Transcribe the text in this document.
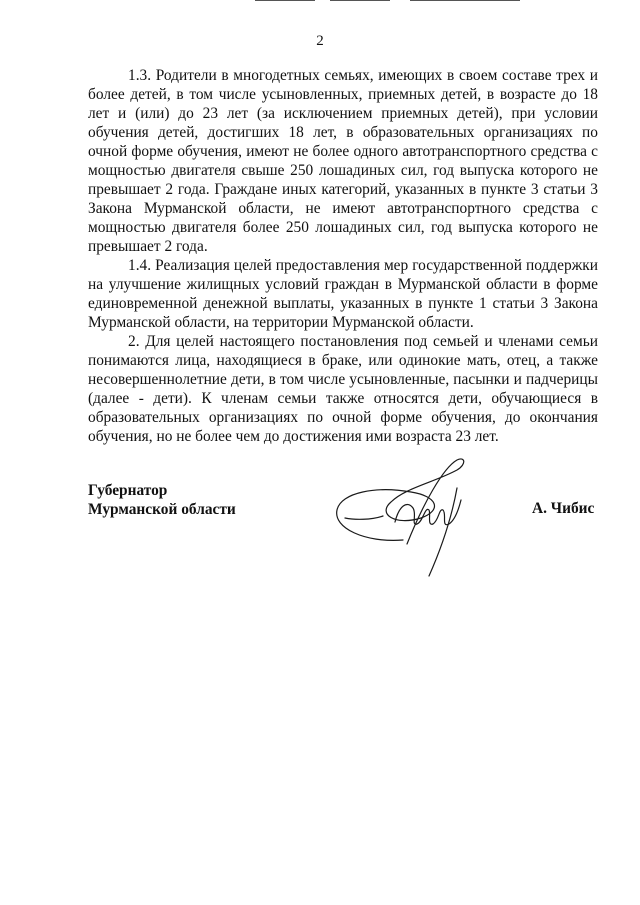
2

1.3. Родители в многодетных семьях, имеющих в своем составе трех и более детей, в том числе усыновленных, приемных детей, в возрасте до 18 лет и (или) до 23 лет (за исключением приемных детей), при условии обучения детей, достигших 18 лет, в образовательных организациях по очной форме обучения, имеют не более одного автотранспортного средства с мощностью двигателя свыше 250 лошадиных сил, год выпуска которого не превышает 2 года. Граждане иных категорий, указанных в пункте 3 статьи 3 Закона Мурманской области, не имеют автотранспортного средства с мощностью двигателя более 250 лошадиных сил, год выпуска которого не превышает 2 года.

1.4. Реализация целей предоставления мер государственной поддержки на улучшение жилищных условий граждан в Мурманской области в форме единовременной денежной выплаты, указанных в пункте 1 статьи 3 Закона Мурманской области, на территории Мурманской области.

2. Для целей настоящего постановления под семьей и членами семьи понимаются лица, находящиеся в браке, или одинокие мать, отец, а также несовершеннолетние дети, в том числе усыновленные, пасынки и падчерицы (далее - дети). К членам семьи также относятся дети, обучающиеся в образовательных организациях по очной форме обучения, до окончания обучения, но не более чем до достижения ими возраста 23 лет.

Губернатор
Мурманской области	А. Чибис
